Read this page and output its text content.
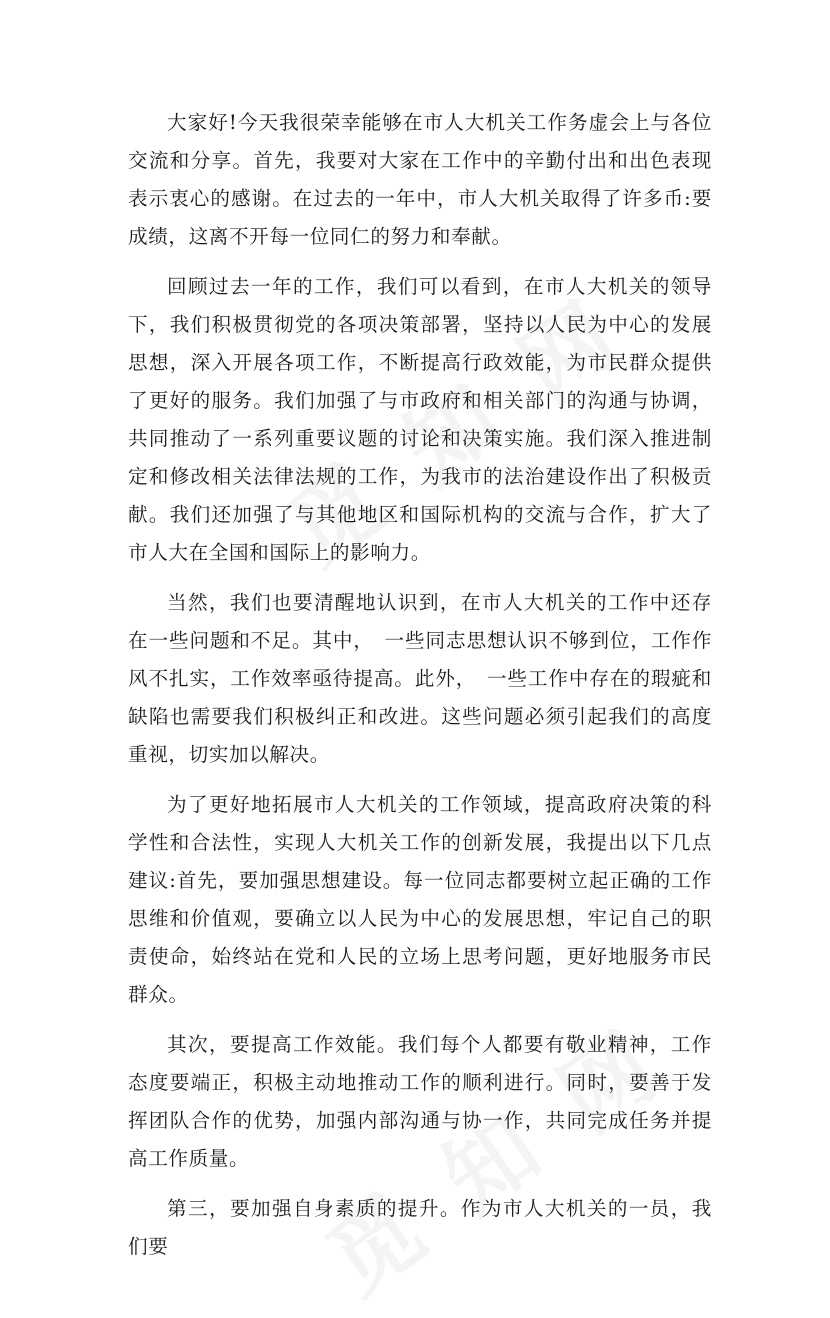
大家好!今天我很荣幸能够在市人大机关工作务虚会上与各位交流和分享。首先，我要对大家在工作中的辛勤付出和出色表现表示衷心的感谢。在过去的一年中，市人大机关取得了许多币:要成绩，这离不开每一位同仁的努力和奉献。

回顾过去一年的工作，我们可以看到，在市人大机关的领导下，我们积极贯彻党的各项决策部署，坚持以人民为中心的发展思想，深入开展各项工作，不断提高行政效能，为市民群众提供了更好的服务。我们加强了与市政府和相关部门的沟通与协调，共同推动了一系列重要议题的讨论和决策实施。我们深入推进制定和修改相关法律法规的工作，为我市的法治建设作出了积极贡献。我们还加强了与其他地区和国际机构的交流与合作，扩大了市人大在全国和国际上的影响力。

当然，我们也要清醒地认识到，在市人大机关的工作中还存在一些问题和不足。其中，　一些同志思想认识不够到位，工作作风不扎实，工作效率亟待提高。此外，　一些工作中存在的瑕疵和缺陷也需要我们积极纠正和改进。这些问题必须引起我们的高度重视，切实加以解决。

为了更好地拓展市人大机关的工作领域，提高政府决策的科学性和合法性，实现人大机关工作的创新发展，我提出以下几点建议:首先，要加强思想建设。每一位同志都要树立起正确的工作思维和价值观，要确立以人民为中心的发展思想，牢记自己的职责使命，始终站在党和人民的立场上思考问题，更好地服务市民群众。

其次，要提高工作效能。我们每个人都要有敬业精神，工作态度要端正，积极主动地推动工作的顺利进行。同时，要善于发挥团队合作的优势，加强内部沟通与协一作，共同完成任务并提高工作质量。

第三，要加强自身素质的提升。作为市人大机关的一员，我们要
